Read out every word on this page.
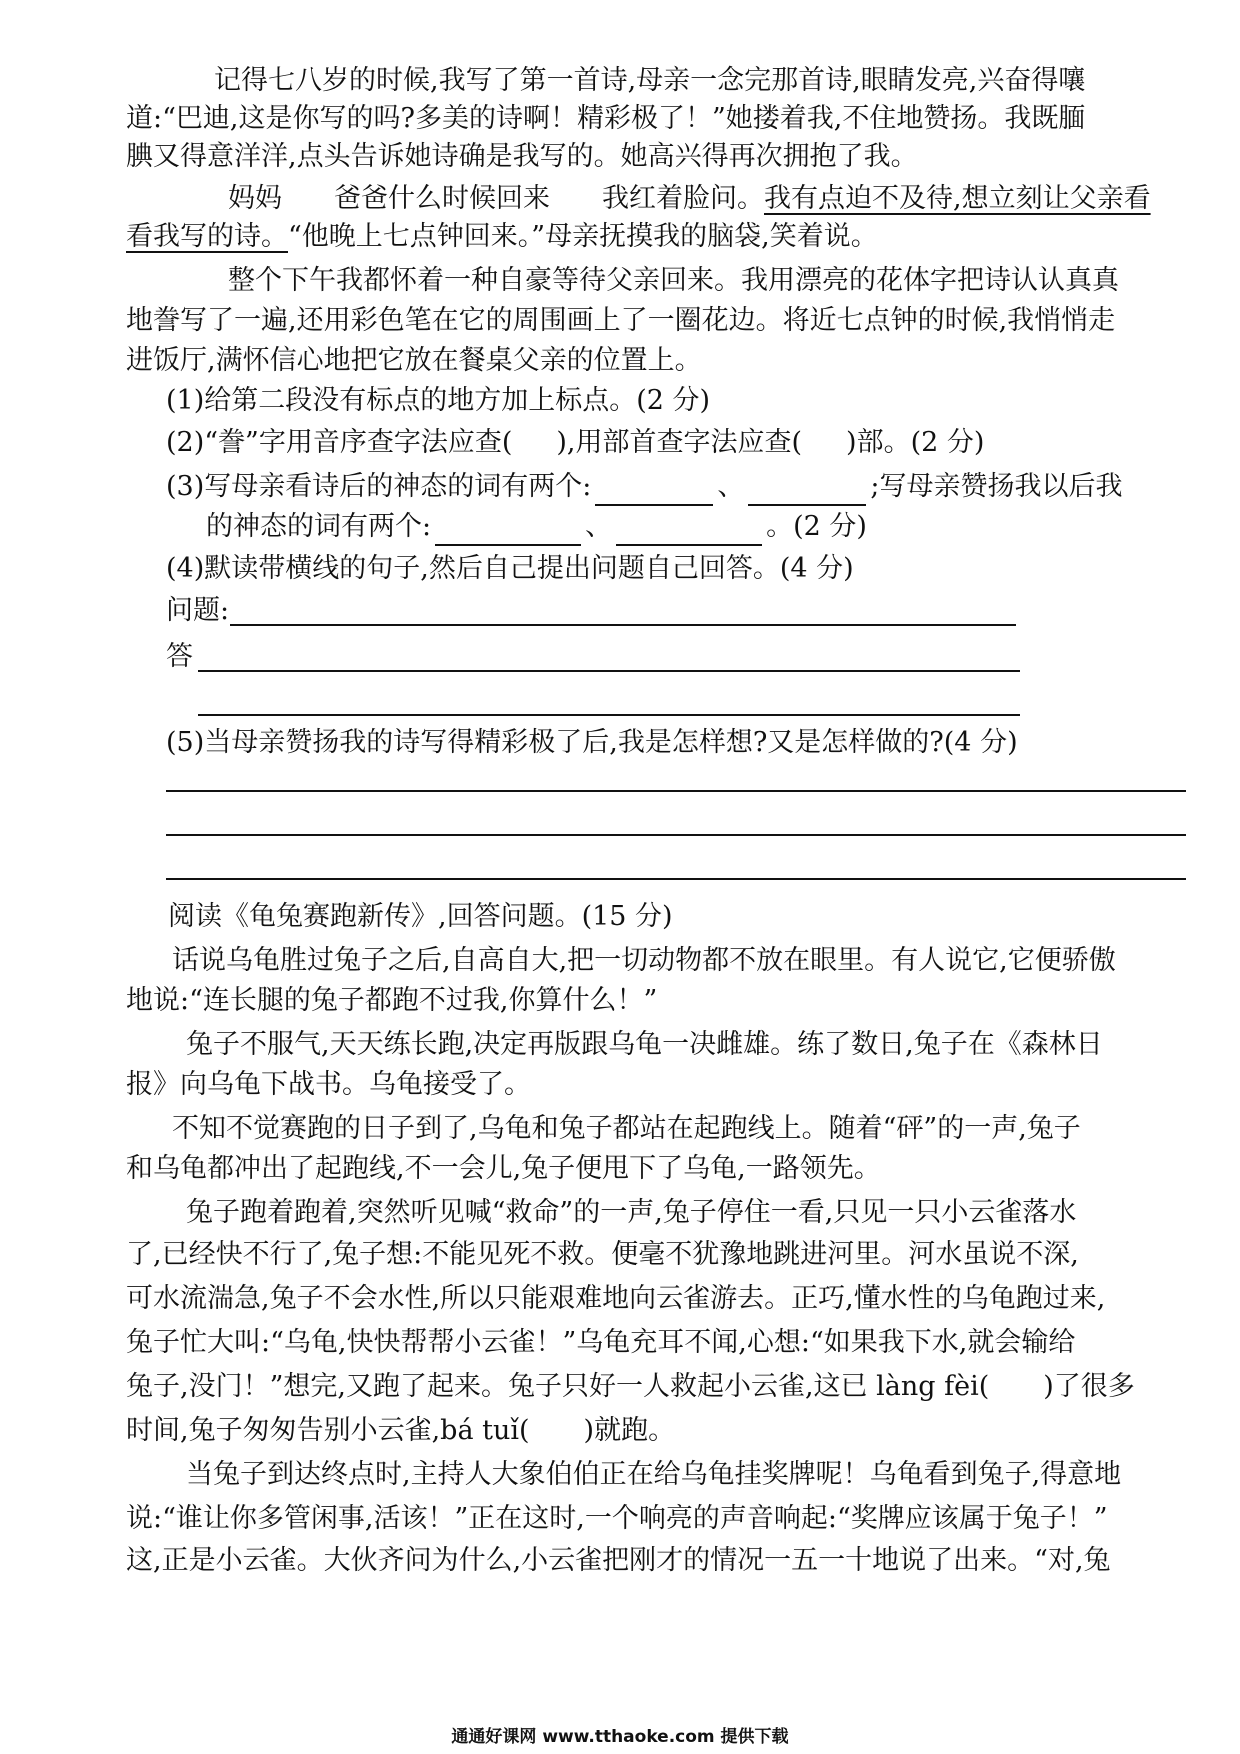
记得七八岁的时候,我写了第一首诗,母亲一念完那首诗,眼睛发亮,兴奋得嚷
道:“巴迪,这是你写的吗?多美的诗啊！精彩极了！”她搂着我,不住地赞扬。我既腼
腆又得意洋洋,点头告诉她诗确是我写的。她高兴得再次拥抱了我。
妈妈 爸爸什么时候回来 我红着脸问。我有点迫不及待,想立刻让父亲看
看我写的诗。“他晚上七点钟回来。”母亲抚摸我的脑袋,笑着说。
整个下午我都怀着一种自豪等待父亲回来。我用漂亮的花体字把诗认认真真
地誊写了一遍,还用彩色笔在它的周围画上了一圈花边。将近七点钟的时候,我悄悄走
进饭厅,满怀信心地把它放在餐桌父亲的位置上。
(1)给第二段没有标点的地方加上标点。(2 分)
(2)“誊”字用音序查字法应查( ),用部首查字法应查( )部。(2 分)
(3)写母亲看诗后的神态的词有两个:	、	;写母亲赞扬我以后我
的神态的词有两个:	、	。(2 分)
(4)默读带横线的句子,然后自己提出问题自己回答。(4 分)
问题:
答
(5)当母亲赞扬我的诗写得精彩极了后,我是怎样想?又是怎样做的?(4 分)
阅读《龟兔赛跑新传》,回答问题。(15 分)
话说乌龟胜过兔子之后,自高自大,把一切动物都不放在眼里。有人说它,它便骄傲
地说:“连长腿的兔子都跑不过我,你算什么！”
兔子不服气,天天练长跑,决定再版跟乌龟一决雌雄。练了数日,兔子在《森林日
报》向乌龟下战书。乌龟接受了。
不知不觉赛跑的日子到了,乌龟和兔子都站在起跑线上。随着“砰”的一声,兔子
和乌龟都冲出了起跑线,不一会儿,兔子便甩下了乌龟,一路领先。
兔子跑着跑着,突然听见喊“救命”的一声,兔子停住一看,只见一只小云雀落水
了,已经快不行了,兔子想:不能见死不救。便毫不犹豫地跳进河里。河水虽说不深,
可水流湍急,兔子不会水性,所以只能艰难地向云雀游去。正巧,懂水性的乌龟跑过来,
兔子忙大叫:“乌龟,快快帮帮小云雀！”乌龟充耳不闻,心想:“如果我下水,就会输给
兔子,没门！”想完,又跑了起来。兔子只好一人救起小云雀,这已 làng fèi(　　)了很多
时间,兔子匆匆告别小云雀,bá tuǐ(　　)就跑。
当兔子到达终点时,主持人大象伯伯正在给乌龟挂奖牌呢！乌龟看到兔子,得意地
说:“谁让你多管闲事,活该！”正在这时,一个响亮的声音响起:“奖牌应该属于兔子！”
这,正是小云雀。大伙齐问为什么,小云雀把刚才的情况一五一十地说了出来。“对,兔
通通好课网 www.tthaoke.com 提供下载
